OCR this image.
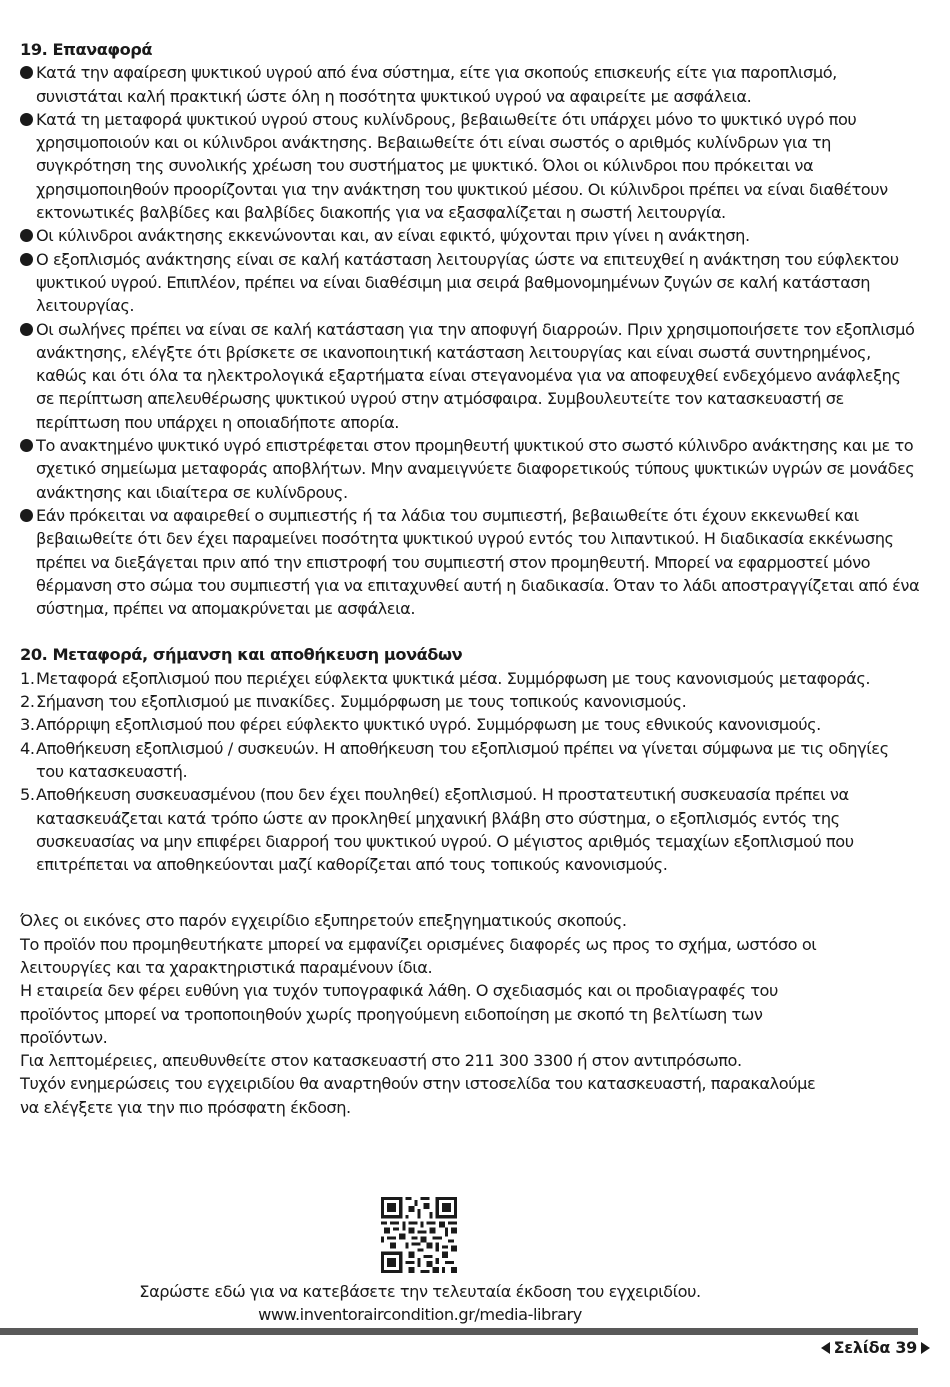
19. Επαναφορά

Κατά την αφαίρεση ψυκτικού υγρού από ένα σύστημα, είτε για σκοπούς επισκευής είτε για παροπλισμό, συνιστάται καλή πρακτική ώστε όλη η ποσότητα ψυκτικού υγρού να αφαιρείτε με ασφάλεια.
Κατά τη μεταφορά ψυκτικού υγρού στους κυλίνδρους, βεβαιωθείτε ότι υπάρχει μόνο το ψυκτικό υγρό που χρησιμοποιούν και οι κύλινδροι ανάκτησης. Βεβαιωθείτε ότι είναι σωστός ο αριθμός κυλίνδρων για τη συγκρότηση της συνολικής χρέωση του συστήματος με ψυκτικό. Όλοι οι κύλινδροι που πρόκειται να χρησιμοποιηθούν προορίζονται για την ανάκτηση του ψυκτικού μέσου. Οι κύλινδροι πρέπει να είναι διαθέτουν εκτονωτικές βαλβίδες και βαλβίδες διακοπής για να εξασφαλίζεται η σωστή λειτουργία.
Οι κύλινδροι ανάκτησης εκκενώνονται και, αν είναι εφικτό, ψύχονται πριν γίνει η ανάκτηση.
Ο εξοπλισμός ανάκτησης είναι σε καλή κατάσταση λειτουργίας ώστε να επιτευχθεί η ανάκτηση του εύφλεκτου ψυκτικού υγρού. Επιπλέον, πρέπει να είναι διαθέσιμη μια σειρά βαθμονομημένων ζυγών σε καλή κατάσταση λειτουργίας.
Οι σωλήνες πρέπει να είναι σε καλή κατάσταση για την αποφυγή διαρροών. Πριν χρησιμοποιήσετε τον εξοπλισμό ανάκτησης, ελέγξτε ότι βρίσκετε σε ικανοποιητική κατάσταση λειτουργίας και είναι σωστά συντηρημένος, καθώς και ότι όλα τα ηλεκτρολογικά εξαρτήματα είναι στεγανομένα για να αποφευχθεί ενδεχόμενο ανάφλεξης σε περίπτωση απελευθέρωσης ψυκτικού υγρού στην ατμόσφαιρα. Συμβουλευτείτε τον κατασκευαστή σε περίπτωση που υπάρχει η οποιαδήποτε απορία.
Το ανακτημένο ψυκτικό υγρό επιστρέφεται στον προμηθευτή ψυκτικού στο σωστό κύλινδρο ανάκτησης και με το σχετικό σημείωμα μεταφοράς αποβλήτων. Μην αναμειγνύετε διαφορετικούς τύπους ψυκτικών υγρών σε μονάδες ανάκτησης και ιδιαίτερα σε κυλίνδρους.
Εάν πρόκειται να αφαιρεθεί ο συμπιεστής ή τα λάδια του συμπιεστή, βεβαιωθείτε ότι έχουν εκκενωθεί και βεβαιωθείτε ότι δεν έχει παραμείνει ποσότητα ψυκτικού υγρού εντός του λιπαντικού. Η διαδικασία εκκένωσης πρέπει να διεξάγεται πριν από την επιστροφή του συμπιεστή στον προμηθευτή. Μπορεί να εφαρμοστεί μόνο θέρμανση στο σώμα του συμπιεστή για να επιταχυνθεί αυτή η διαδικασία. Όταν το λάδι αποστραγγίζεται από ένα σύστημα, πρέπει να απομακρύνεται με ασφάλεια.

20. Μεταφορά, σήμανση και αποθήκευση μονάδων

1. Μεταφορά εξοπλισμού που περιέχει εύφλεκτα ψυκτικά μέσα. Συμμόρφωση με τους κανονισμούς μεταφοράς.
2. Σήμανση του εξοπλισμού με πινακίδες. Συμμόρφωση με τους τοπικούς κανονισμούς.
3. Απόρριψη εξοπλισμού που φέρει εύφλεκτο ψυκτικό υγρό. Συμμόρφωση με τους εθνικούς κανονισμούς.
4. Αποθήκευση εξοπλισμού / συσκευών. Η αποθήκευση του εξοπλισμού πρέπει να γίνεται σύμφωνα με τις οδηγίες του κατασκευαστή.
5. Αποθήκευση συσκευασμένου (που δεν έχει πουληθεί) εξοπλισμού. Η προστατευτική συσκευασία πρέπει να κατασκευάζεται κατά τρόπο ώστε αν προκληθεί μηχανική βλάβη στο σύστημα, ο εξοπλισμός εντός της συσκευασίας να μην επιφέρει διαρροή του ψυκτικού υγρού. Ο μέγιστος αριθμός τεμαχίων εξοπλισμού που επιτρέπεται να αποθηκεύονται μαζί καθορίζεται από τους τοπικούς κανονισμούς.

Όλες οι εικόνες στο παρόν εγχειρίδιο εξυπηρετούν επεξηγηματικούς σκοπούς.

Το προϊόν που προμηθευτήκατε μπορεί να εμφανίζει ορισμένες διαφορές ως προς το σχήμα, ωστόσο οι λειτουργίες και τα χαρακτηριστικά παραμένουν ίδια.

Η εταιρεία δεν φέρει ευθύνη για τυχόν τυπογραφικά λάθη. Ο σχεδιασμός και οι προδιαγραφές του προϊόντος μπορεί να τροποποιηθούν χωρίς προηγούμενη ειδοποίηση με σκοπό τη βελτίωση των προϊόντων.

Για λεπτομέρειες, απευθυνθείτε στον κατασκευαστή στο 211 300 3300 ή στον αντιπρόσωπο.

Τυχόν ενημερώσεις του εγχειριδίου θα αναρτηθούν στην ιστοσελίδα του κατασκευαστή, παρακαλούμε να ελέγξετε για την πιο πρόσφατη έκδοση.

Σαρώστε εδώ για να κατεβάσετε την τελευταία έκδοση του εγχειριδίου.
www.inventoraircondition.gr/media-library
Σελίδα 39
